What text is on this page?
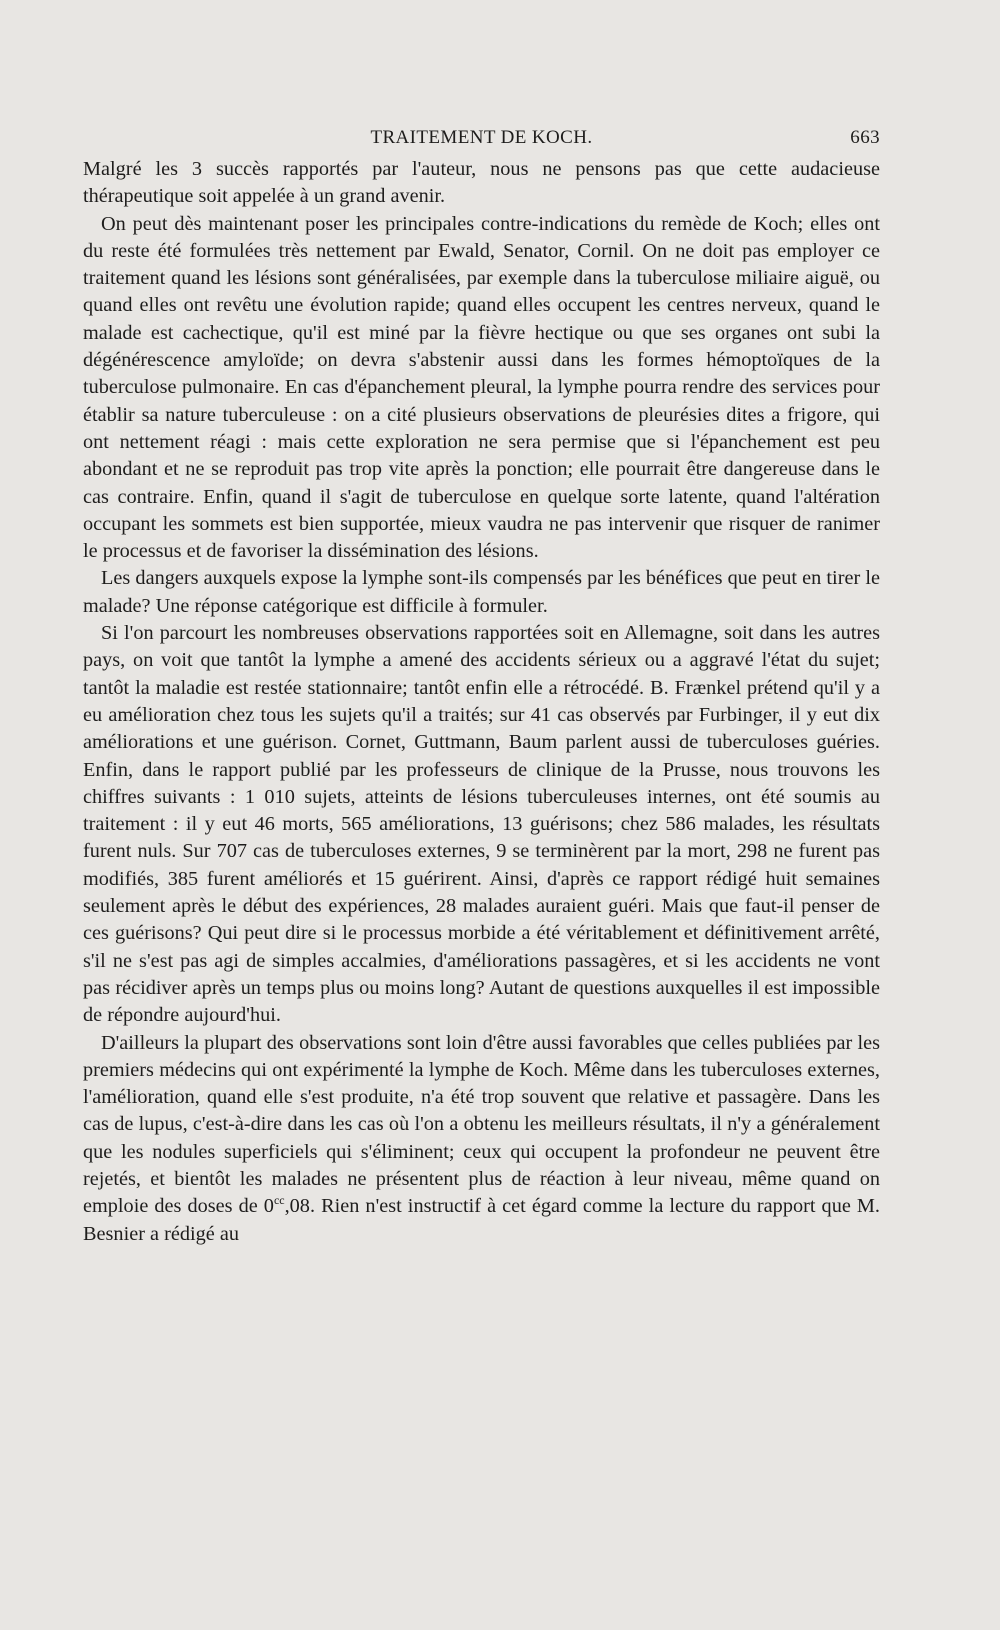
TRAITEMENT DE KOCH.	663

Malgré les 3 succès rapportés par l'auteur, nous ne pensons pas que cette audacieuse thérapeutique soit appelée à un grand avenir.

On peut dès maintenant poser les principales contre-indications du remède de Koch; elles ont du reste été formulées très nettement par Ewald, Senator, Cornil. On ne doit pas employer ce traitement quand les lésions sont généralisées, par exemple dans la tuberculose miliaire aiguë, ou quand elles ont revêtu une évolution rapide; quand elles occupent les centres nerveux, quand le malade est cachectique, qu'il est miné par la fièvre hectique ou que ses organes ont subi la dégénérescence amyloïde; on devra s'abstenir aussi dans les formes hémoptoïques de la tuberculose pulmonaire. En cas d'épanchement pleural, la lymphe pourra rendre des services pour établir sa nature tuberculeuse : on a cité plusieurs observations de pleurésies dites a frigore, qui ont nettement réagi : mais cette exploration ne sera permise que si l'épanchement est peu abondant et ne se reproduit pas trop vite après la ponction; elle pourrait être dangereuse dans le cas contraire. Enfin, quand il s'agit de tuberculose en quelque sorte latente, quand l'altération occupant les sommets est bien supportée, mieux vaudra ne pas intervenir que risquer de ranimer le processus et de favoriser la dissémination des lésions.

Les dangers auxquels expose la lymphe sont-ils compensés par les bénéfices que peut en tirer le malade? Une réponse catégorique est difficile à formuler.

Si l'on parcourt les nombreuses observations rapportées soit en Allemagne, soit dans les autres pays, on voit que tantôt la lymphe a amené des accidents sérieux ou a aggravé l'état du sujet; tantôt la maladie est restée stationnaire; tantôt enfin elle a rétrocédé. B. Frænkel prétend qu'il y a eu amélioration chez tous les sujets qu'il a traités; sur 41 cas observés par Furbinger, il y eut dix améliorations et une guérison. Cornet, Guttmann, Baum parlent aussi de tuberculoses guéries. Enfin, dans le rapport publié par les professeurs de clinique de la Prusse, nous trouvons les chiffres suivants : 1 010 sujets, atteints de lésions tuberculeuses internes, ont été soumis au traitement : il y eut 46 morts, 565 améliorations, 13 guérisons; chez 586 malades, les résultats furent nuls. Sur 707 cas de tuberculoses externes, 9 se terminèrent par la mort, 298 ne furent pas modifiés, 385 furent améliorés et 15 guérirent. Ainsi, d'après ce rapport rédigé huit semaines seulement après le début des expériences, 28 malades auraient guéri. Mais que faut-il penser de ces guérisons? Qui peut dire si le processus morbide a été véritablement et définitivement arrêté, s'il ne s'est pas agi de simples accalmies, d'améliorations passagères, et si les accidents ne vont pas récidiver après un temps plus ou moins long? Autant de questions auxquelles il est impossible de répondre aujourd'hui.

D'ailleurs la plupart des observations sont loin d'être aussi favorables que celles publiées par les premiers médecins qui ont expérimenté la lymphe de Koch. Même dans les tuberculoses externes, l'amélioration, quand elle s'est produite, n'a été trop souvent que relative et passagère. Dans les cas de lupus, c'est-à-dire dans les cas où l'on a obtenu les meilleurs résultats, il n'y a généralement que les nodules superficiels qui s'éliminent; ceux qui occupent la profondeur ne peuvent être rejetés, et bientôt les malades ne présentent plus de réaction à leur niveau, même quand on emploie des doses de $0^{cc},08$. Rien n'est instructif à cet égard comme la lecture du rapport que M. Besnier a rédigé au
